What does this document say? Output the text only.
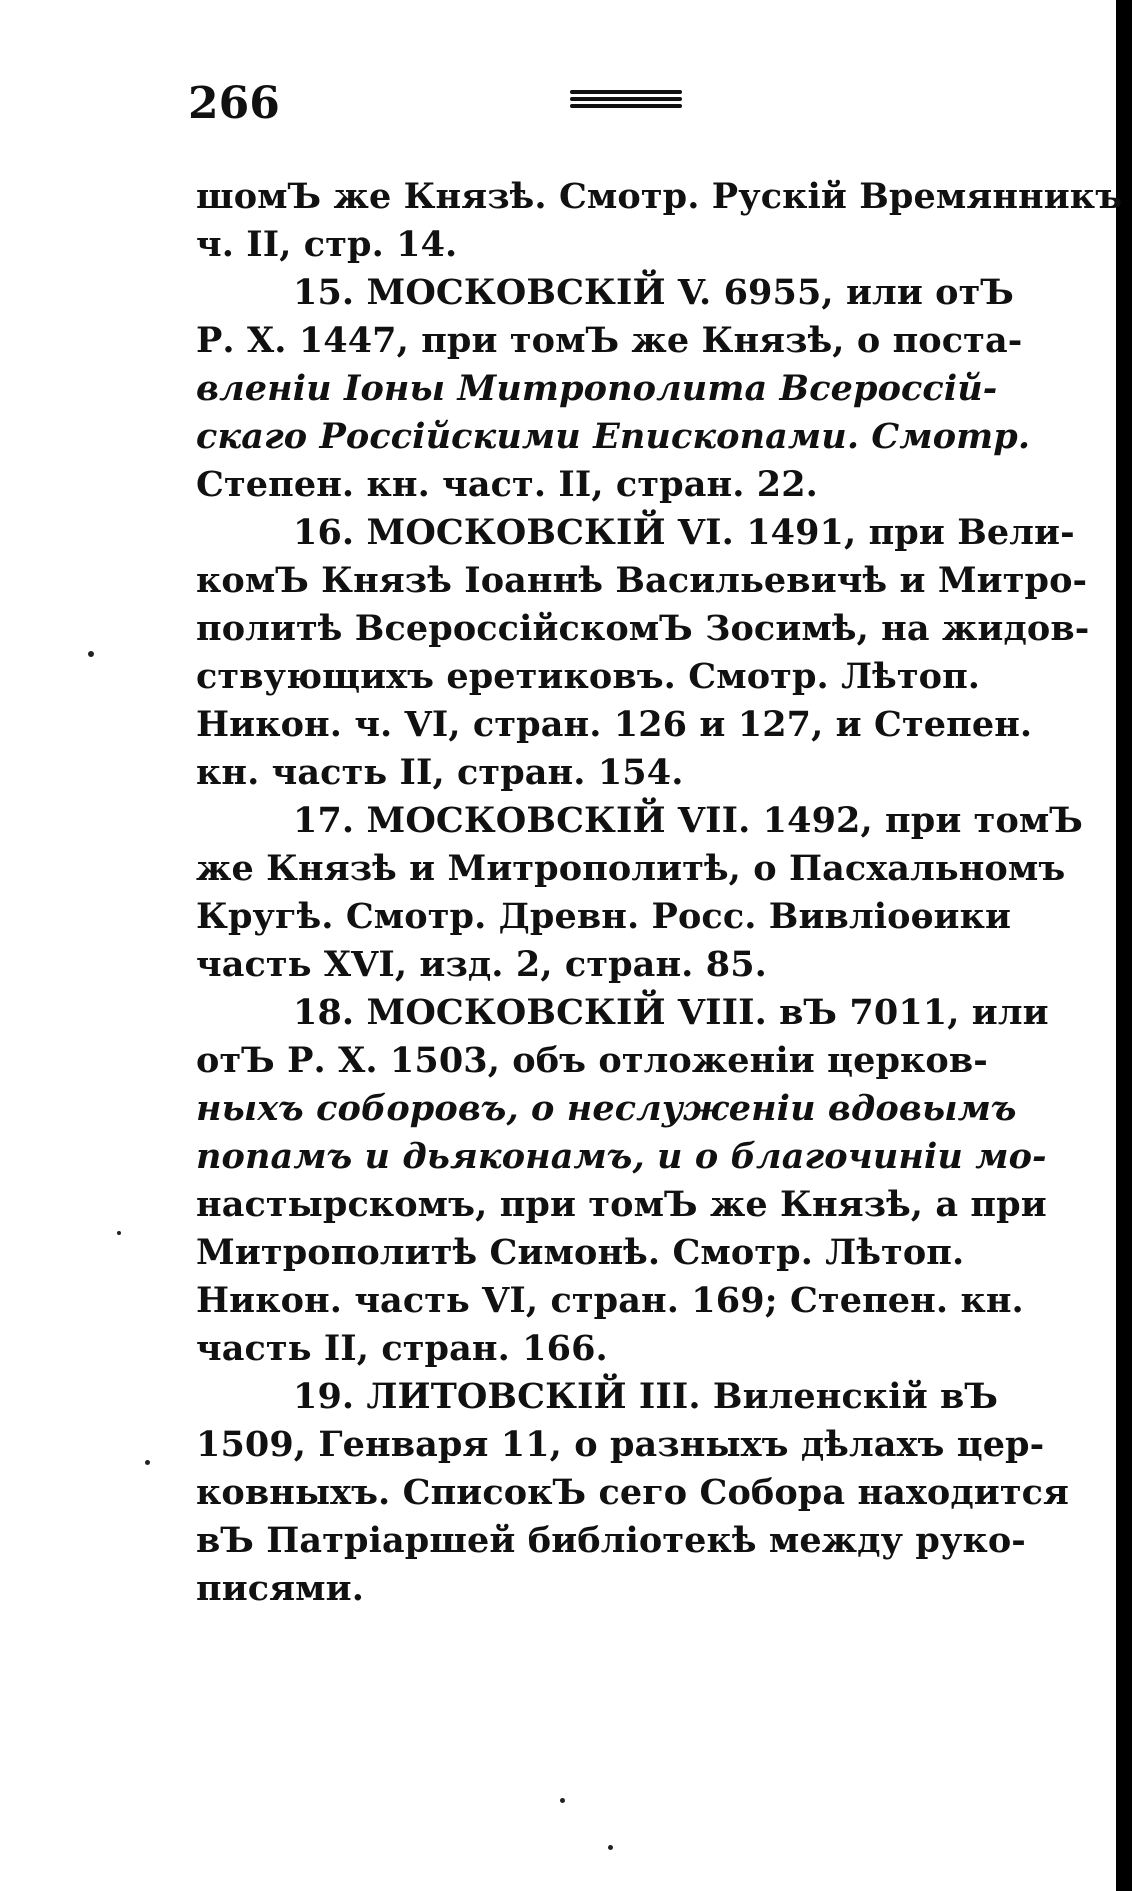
266
шомЪ же Князѣ. Смотр. Рускій Времянникъ
ч. II, стр. 14.
15. МОСКОВСКІЙ V. 6955, или отЪ
Р. Х. 1447, при томЪ же Князѣ, о поста-
вленіи Іоны Митрополита Всероссій-
скаго Россійскими Епископами. Смотр.
Степен. кн. част. II, стран. 22.
16. МОСКОВСКІЙ VI. 1491, при Вели-
комЪ Князѣ Іоаннѣ Васильевичѣ и Митро-
политѣ ВсероссійскомЪ Зосимѣ, на жидов-
ствующихъ еретиковъ. Смотр. Лѣтоп.
Никон. ч. VI, стран. 126 и 127, и Степен.
кн. часть II, стран. 154.
17. МОСКОВСКІЙ VII. 1492, при томЪ
же Князѣ и Митрополитѣ, о Пасхальномъ
Кругѣ. Смотр. Древн. Росс. Вивліоѳики
часть XVI, изд. 2, стран. 85.
18. МОСКОВСКІЙ VIII. вЪ 7011, или
отЪ Р. Х. 1503, объ отложеніи церков-
ныхъ соборовъ, о неслуженіи вдовымъ
попамъ и дьяконамъ, и о благочиніи мо-
настырскомъ, при томЪ же Князѣ, а при
Митрополитѣ Симонѣ. Смотр. Лѣтоп.
Никон. часть VI, стран. 169; Степен. кн.
часть II, стран. 166.
19. ЛИТОВСКІЙ III. Виленскій вЪ
1509, Генваря 11, о разныхъ дѣлахъ цер-
ковныхъ. СписокЪ сего Собора находится
вЪ Патріаршей библіотекѣ между руко-
писями.
